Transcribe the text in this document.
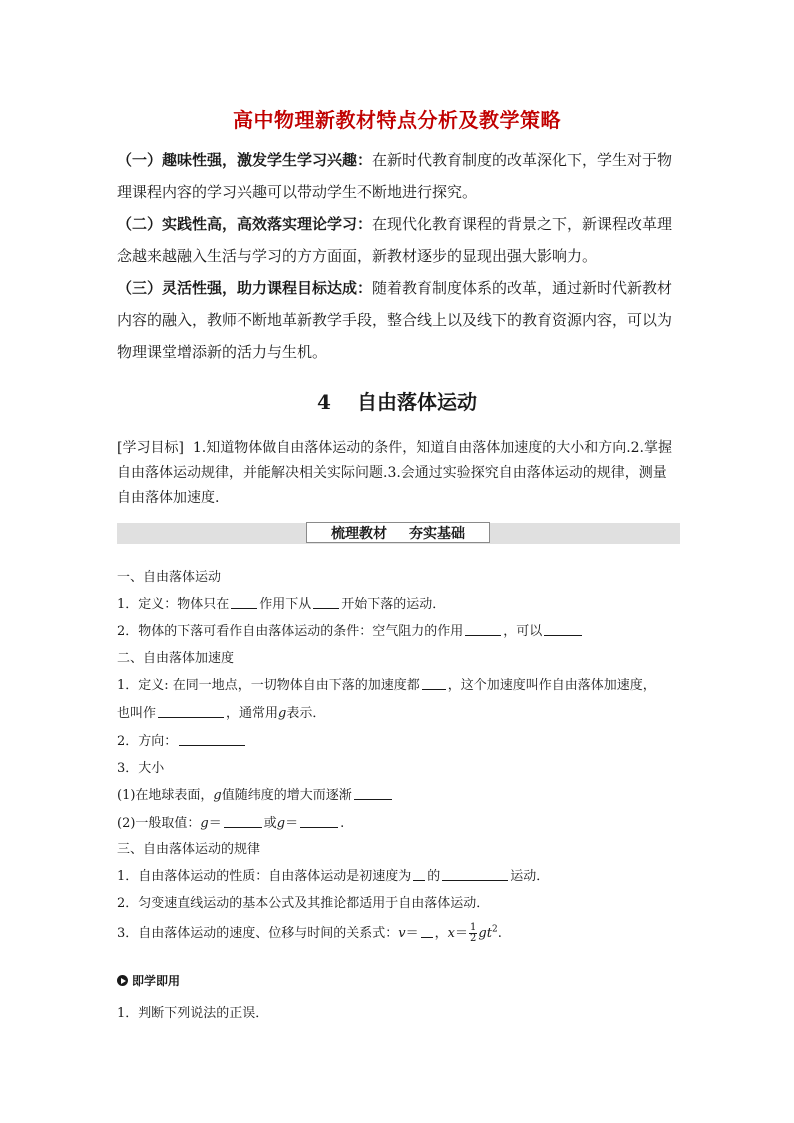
高中物理新教材特点分析及教学策略

（一）趣味性强，激发学生学习兴趣：在新时代教育制度的改革深化下，学生对于物理课程内容的学习兴趣可以带动学生不断地进行探究。

（二）实践性高，高效落实理论学习：在现代化教育课程的背景之下，新课程改革理念越来越融入生活与学习的方方面面，新教材逐步的显现出强大影响力。

（三）灵活性强，助力课程目标达成：随着教育制度体系的改革，通过新时代新教材内容的融入，教师不断地革新教学手段，整合线上以及线下的教育资源内容，可以为物理课堂增添新的活力与生机。

4 自由落体运动
[学习目标] 1.知道物体做自由落体运动的条件，知道自由落体加速度的大小和方向.2.掌握自由落体运动规律，并能解决相关实际问题.3.会通过实验探究自由落体运动的规律，测量自由落体加速度.
梳理教材 夯实基础
一、自由落体运动
1．定义：物体只在 作用下从 开始下落的运动．
2．物体的下落可看作自由落体运动的条件：空气阻力的作用	，可以
二、自由落体加速度
1．定义: 在同一地点，一切物体自由下落的加速度都 ，这个加速度叫作自由落体加速度，
也叫作	，通常用g表示．
2．方向：
3．大小
(1)在地球表面，g值随纬度的增大而逐渐
(2)一般取值：g＝	或g＝	.
三、自由落体运动的规律
1．自由落体运动的性质：自由落体运动是初速度为 的	运动．
2．匀变速直线运动的基本公式及其推论都适用于自由落体运动．
3．自由落体运动的速度、位移与时间的关系式：v＝ ，$x= \frac{1}{2} gt^2$.
即学即用
1．判断下列说法的正误．
